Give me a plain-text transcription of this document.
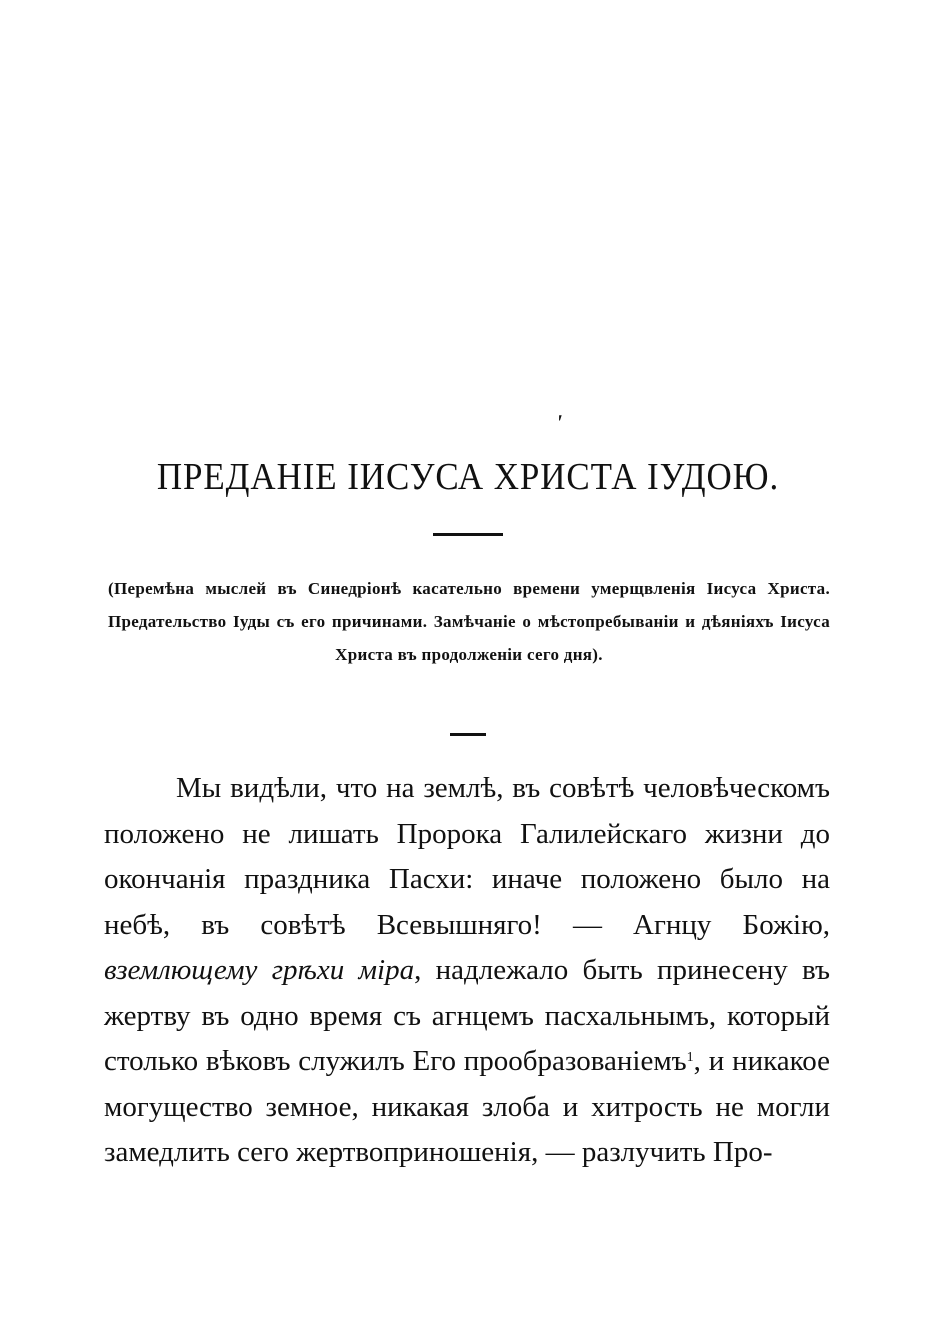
ʹ
ПРЕДАНІЕ ІИСУСА ХРИСТА ІУДОЮ.
(Перемѣна мыслей въ Синедріонѣ касательно времени умерщвленія Іисуса Христа. Предательство Іуды съ его причинами. Замѣчаніе о мѣстопребываніи и дѣяніяхъ Іисуса Христа въ продолженіи сего дня).

Мы видѣли, что на землѣ, въ совѣтѣ человѣческомъ положено не лишать Пророка Галилейскаго жизни до окончанія праздника Пасхи: иначе положено было на небѣ, въ совѣтѣ Всевышняго! — Агнцу Божію, вземлющему грѣхи міра, надлежало быть принесену въ жертву въ одно время съ агнцемъ пасхальнымъ, который столько вѣковъ служилъ Его прообразованіемъ$^1$, и никакое могущество земное, никакая злоба и хитрость не могли замедлить сего жертвоприношенія, — разлучить Про-
